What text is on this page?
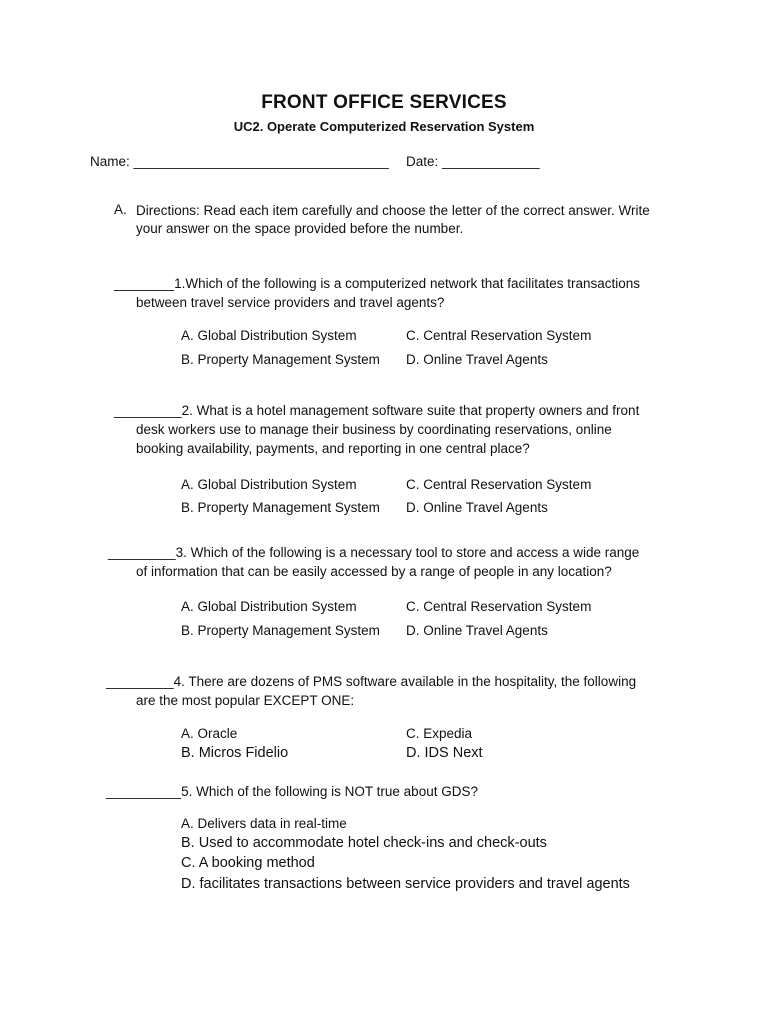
FRONT OFFICE SERVICES
UC2. Operate Computerized Reservation System
Name: __________________________________ Date: _____________
A. Directions: Read each item carefully and choose the letter of the correct answer. Write your answer on the space provided before the number.
________1.Which of the following is a computerized network that facilitates transactions
between travel service providers and travel agents?
A. Global Distribution System	C. Central Reservation System
B. Property Management System D. Online Travel Agents
_________2. What is a hotel management software suite that property owners and front
desk workers use to manage their business by coordinating reservations, online booking availability, payments, and reporting in one central place?
A. Global Distribution System	C. Central Reservation System
B. Property Management System D. Online Travel Agents
_________3. Which of the following is a necessary tool to store and access a wide range
of information that can be easily accessed by a range of people in any location?
A. Global Distribution System	C. Central Reservation System
B. Property Management System D. Online Travel Agents
_________4. There are dozens of PMS software available in the hospitality, the following
are the most popular EXCEPT ONE:
A. Oracle	C. Expedia
B. Micros Fidelio	D. IDS Next
__________5. Which of the following is NOT true about GDS?
A. Delivers data in real-time
B. Used to accommodate hotel check-ins and check-outs
C. A booking method
D. facilitates transactions between service providers and travel agents
